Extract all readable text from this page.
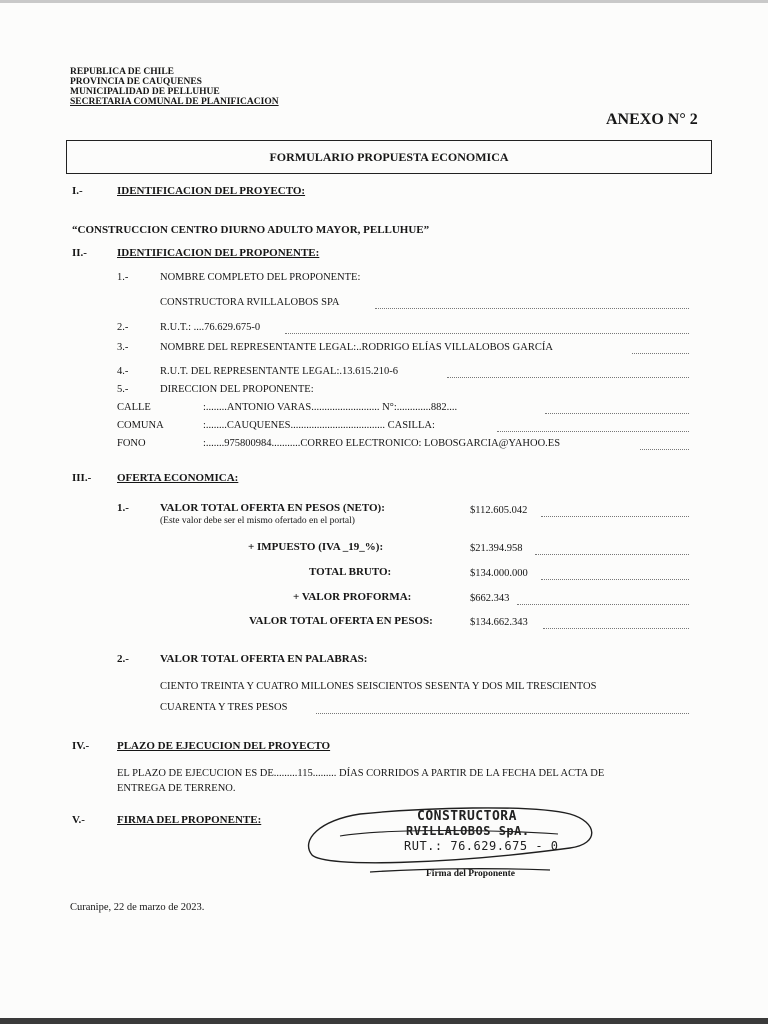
REPUBLICA DE CHILE
PROVINCIA DE CAUQUENES
MUNICIPALIDAD DE PELLUHUE
SECRETARIA COMUNAL DE PLANIFICACION
ANEXO N° 2
FORMULARIO PROPUESTA ECONOMICA
I.-	IDENTIFICACION DEL PROYECTO:
“CONSTRUCCION CENTRO DIURNO ADULTO MAYOR, PELLUHUE”
II.-	IDENTIFICACION DEL PROPONENTE:
1.-	NOMBRE COMPLETO DEL PROPONENTE:
CONSTRUCTORA RVILLALOBOS SPA
2.-	R.U.T.: ....76.629.675-0
3.-	NOMBRE DEL REPRESENTANTE LEGAL:..RODRIGO ELÍAS VILLALOBOS GARCÍA
4.-	R.U.T. DEL REPRESENTANTE LEGAL:.13.615.210-6
5.-	DIRECCION DEL PROPONENTE:
CALLE	:........ANTONIO VARAS.......................... N°:.............882....
COMUNA	:........CAUQUENES.................................... CASILLA:
FONO	:.......975800984...........CORREO ELECTRONICO: LOBOSGARCIA@YAHOO.ES
III.- OFERTA ECONOMICA:
1.-	VALOR TOTAL OFERTA EN PESOS (NETO):
(Este valor debe ser el mismo ofertado en el portal)
$112.605.042
+ IMPUESTO (IVA _19_%):	$21.394.958
TOTAL BRUTO:	$134.000.000
+ VALOR PROFORMA:	$662.343
VALOR TOTAL OFERTA EN PESOS:	$134.662.343
2.-	VALOR TOTAL OFERTA EN PALABRAS:
CIENTO TREINTA Y CUATRO MILLONES SEISCIENTOS SESENTA Y DOS MIL TRESCIENTOS
CUARENTA Y TRES PESOS
IV.-	PLAZO DE EJECUCION DEL PROYECTO
EL PLAZO DE EJECUCION ES DE.........115......... DÍAS CORRIDOS A PARTIR DE LA FECHA DEL ACTA DE
ENTREGA DE TERRENO.
V.-	FIRMA DEL PROPONENTE:	CONSTRUCTORA
RVILLALOBOS SpA.
RUT.: 76.629.675 - 0
Firma del Proponente
Curanipe, 22 de marzo de 2023.
